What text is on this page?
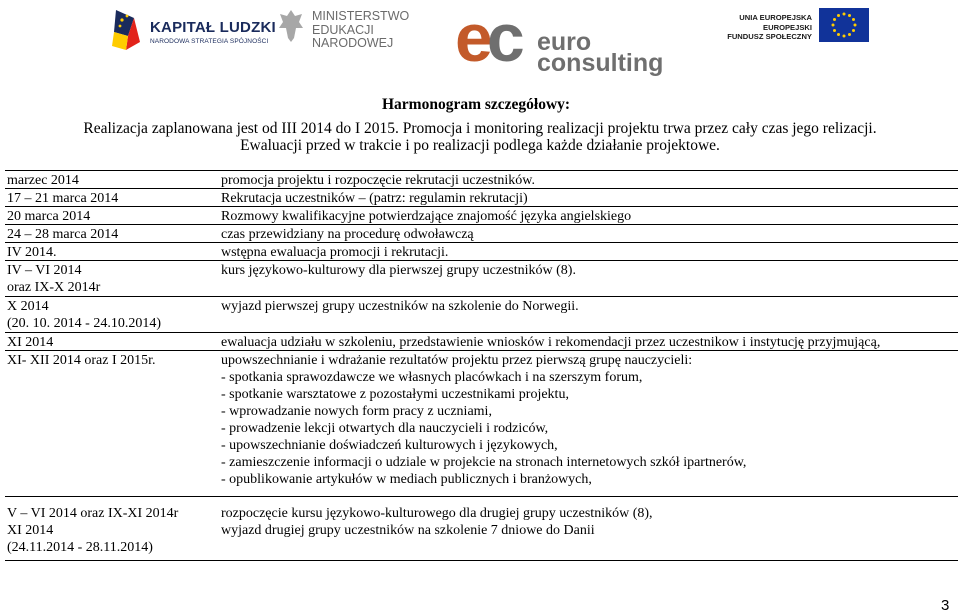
KAPITAŁ LUDZKI
NARODOWA STRATEGIA SPÓJNOŚCI
MINISTERSTWO
EDUKACJI
NARODOWEJ ec euro
consulting
UNIA EUROPEJSKA
EUROPEJSKI
FUNDUSZ SPOŁECZNY
Harmonogram szczegółowy:
Realizacja zaplanowana jest od III 2014 do I 2015. Promocja i monitoring realizacji projektu trwa przez cały czas jego relizacji.
Ewaluacji przed w trakcie i po realizacji podlega każde działanie projektowe.
marzec 2014	promocja projektu i rozpoczęcie rekrutacji uczestników.
17 – 21 marca 2014	Rekrutacja uczestników – (patrz: regulamin rekrutacji)
20 marca 2014	Rozmowy kwalifikacyjne potwierdzające znajomość języka angielskiego
24 – 28 marca 2014	czas przewidziany na procedurę odwoławczą
IV 2014.	wstępna ewaluacja promocji i rekrutacji.
IV – VI 2014	kurs językowo-kulturowy dla pierwszej grupy uczestników (8).
oraz IX-X 2014r
X 2014	wyjazd pierwszej grupy uczestników na szkolenie do Norwegii.
(20. 10. 2014 - 24.10.2014)
XI 2014	ewaluacja udziału w szkoleniu, przedstawienie wniosków i rekomendacji przez uczestnikow i instytucję przyjmującą,
XI- XII 2014 oraz I 2015r.	upowszechnianie i wdrażanie rezultatów projektu przez pierwszą grupę nauczycieli:
- spotkania sprawozdawcze we własnych placówkach i na szerszym forum,
- spotkanie warsztatowe z pozostałymi uczestnikami projektu,
- wprowadzanie nowych form pracy z uczniami,
- prowadzenie lekcji otwartych dla nauczycieli i rodziców,
- upowszechnianie doświadczeń kulturowych i językowych,
- zamieszczenie informacji o udziale w projekcie na stronach internetowych szkół ipartnerów,
- opublikowanie artykułów w mediach publicznych i branżowych,
V – VI 2014 oraz IX-XI 2014r	rozpoczęcie kursu językowo-kulturowego dla drugiej grupy uczestników (8),
XI 2014	wyjazd drugiej grupy uczestników na szkolenie 7 dniowe do Danii
(24.11.2014 - 28.11.2014)
3
